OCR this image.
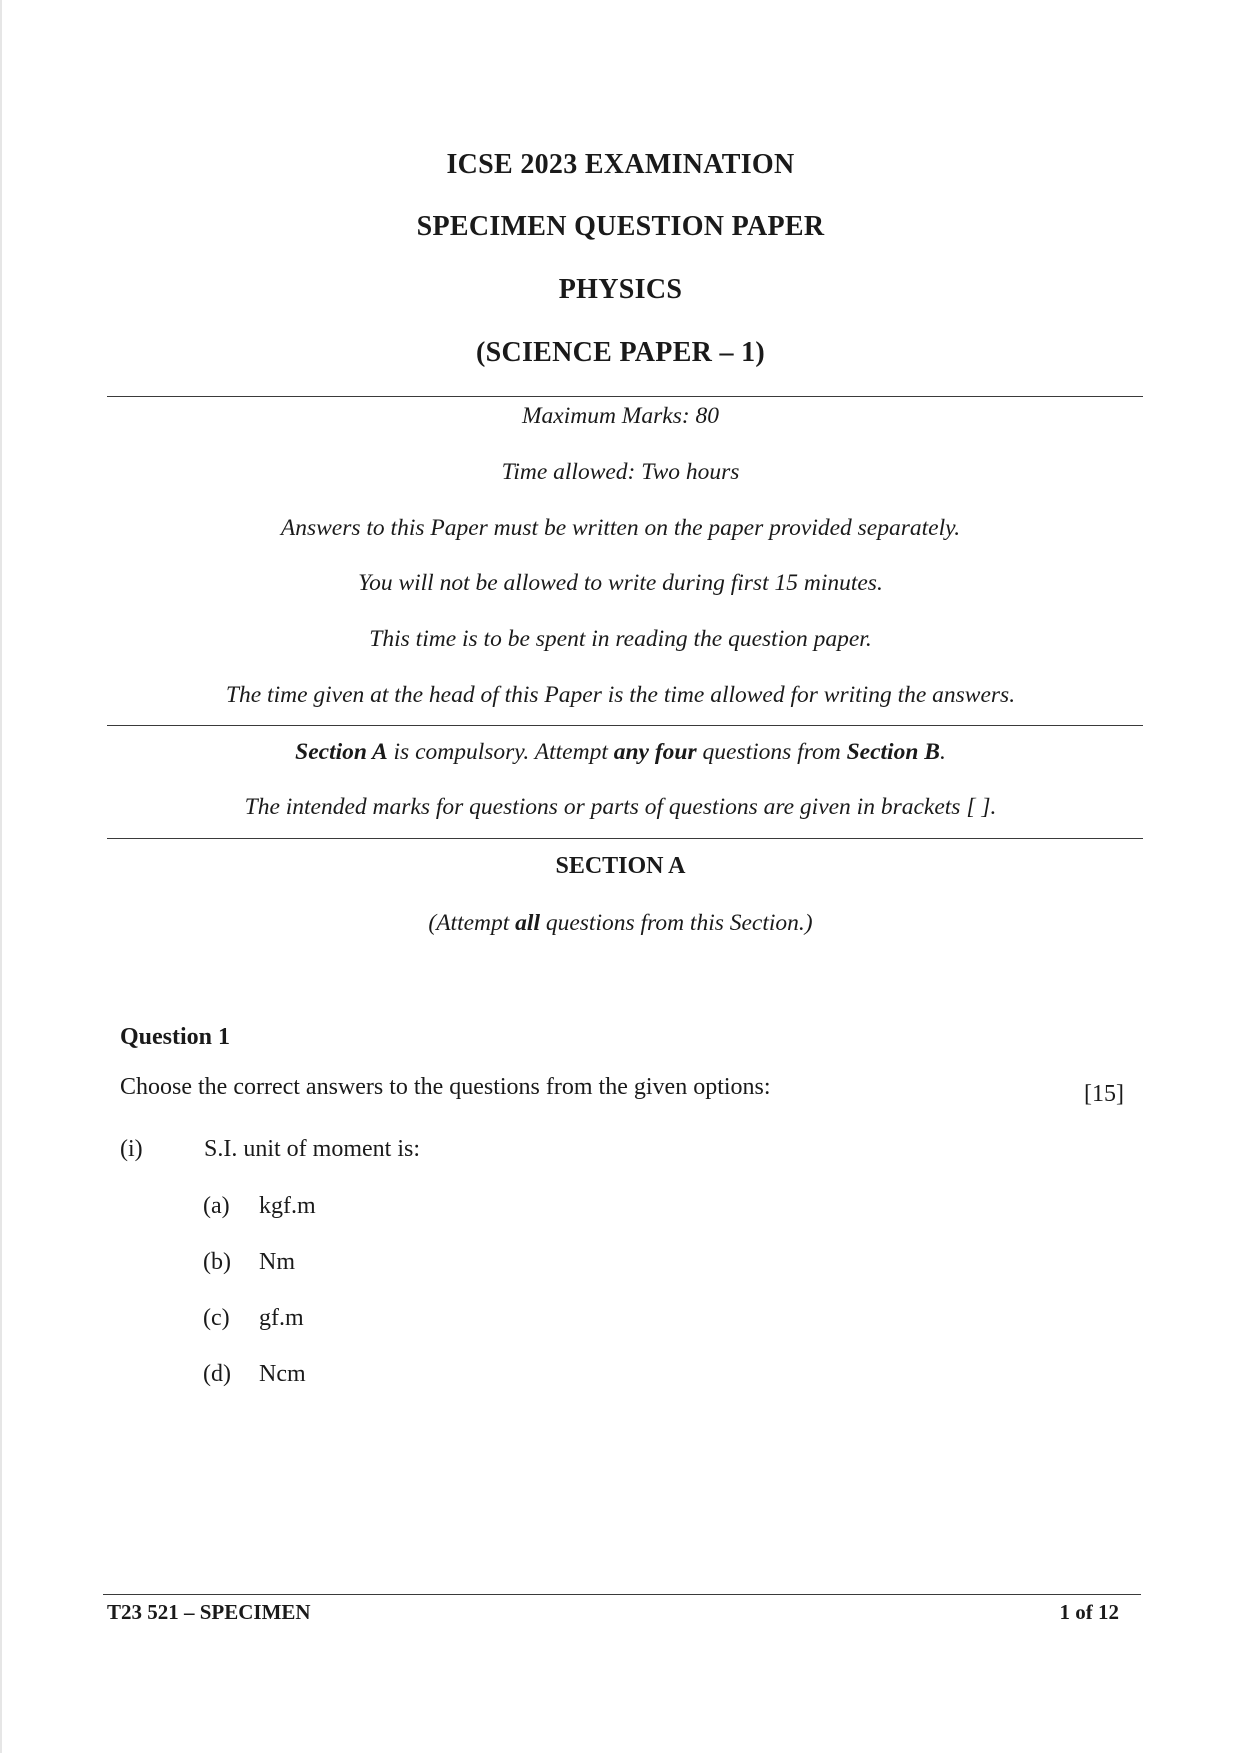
ICSE 2023 EXAMINATION
SPECIMEN QUESTION PAPER
PHYSICS
(SCIENCE PAPER – 1)

Maximum Marks: 80

Time allowed: Two hours

Answers to this Paper must be written on the paper provided separately.

You will not be allowed to write during first 15 minutes.

This time is to be spent in reading the question paper.

The time given at the head of this Paper is the time allowed for writing the answers.

Section A is compulsory. Attempt any four questions from Section B.

The intended marks for questions or parts of questions are given in brackets [ ].

SECTION A

(Attempt all questions from this Section.)

Question 1

Choose the correct answers to the questions from the given options:	[15]

(i)	S.I. unit of moment is:

(a) kgf.m

(b) Nm

(c) gf.m

(d) Ncm

T23 521 – SPECIMEN	1 of 12
